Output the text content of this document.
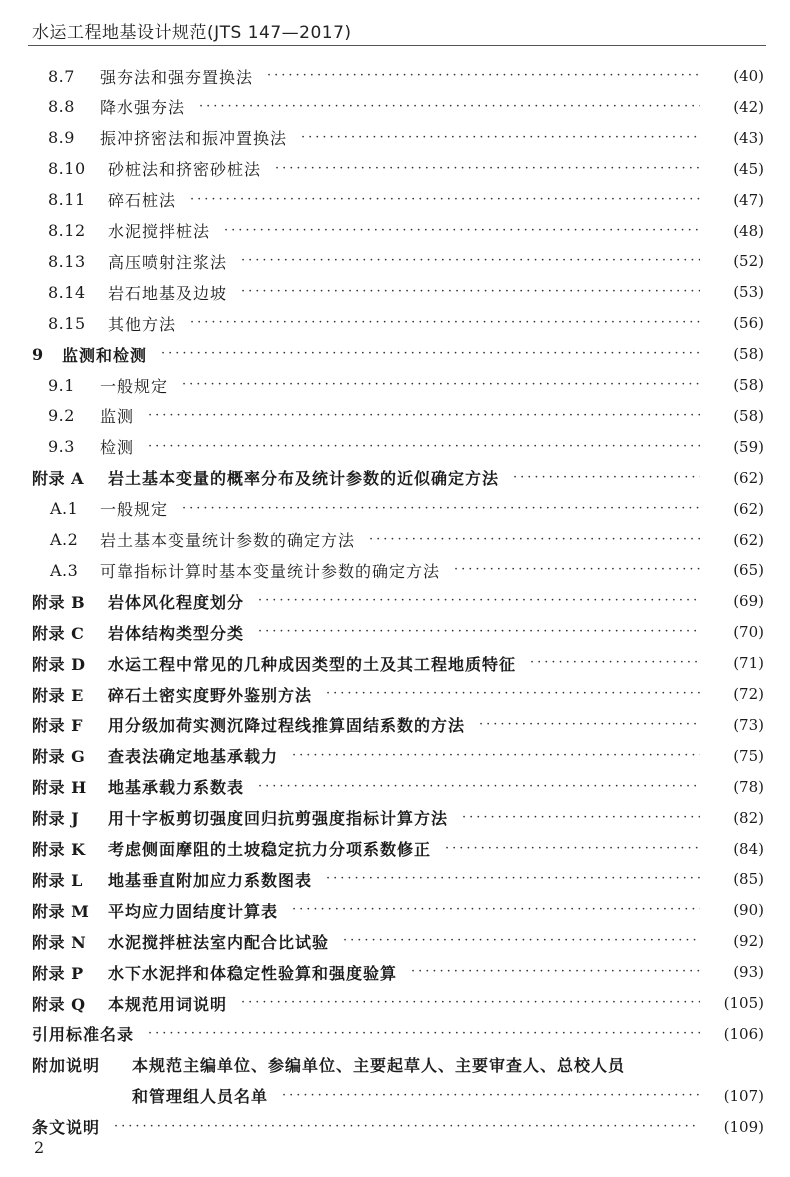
水运工程地基设计规范(JTS 147—2017)
8.7	强夯法和强夯置换法 ·····	(40)
8.8	降水强夯法 ·····	(42)
8.9	振冲挤密法和振冲置换法 ·····	(43)
8.10	砂桩法和挤密砂桩法 ·····	(45)
8.11	碎石桩法 ·····	(47)
8.12	水泥搅拌桩法 ·····	(48)
8.13	高压喷射注浆法 ·····	(52)
8.14	岩石地基及边坡 ·····	(53)
8.15	其他方法 ·····	(56)
9	监测和检测 ·····	(58)
9.1	一般规定 ·····	(58)
9.2	监测 ·····	(58)
9.3	检测 ·····	(59)
附录 A	岩土基本变量的概率分布及统计参数的近似确定方法 ·····	(62)
A.1	一般规定 ·····	(62)
A.2	岩土基本变量统计参数的确定方法 ·····	(62)
A.3	可靠指标计算时基本变量统计参数的确定方法 ·····	(65)
附录 B	岩体风化程度划分 ·····	(69)
附录 C	岩体结构类型分类 ·····	(70)
附录 D	水运工程中常见的几种成因类型的土及其工程地质特征 ·····	(71)
附录 E	碎石土密实度野外鉴别方法 ·····	(72)
附录 F	用分级加荷实测沉降过程线推算固结系数的方法 ·····	(73)
附录 G	查表法确定地基承载力 ·····	(75)
附录 H	地基承载力系数表 ·····	(78)
附录 J	用十字板剪切强度回归抗剪强度指标计算方法 ·····	(82)
附录 K	考虑侧面摩阻的土坡稳定抗力分项系数修正 ·····	(84)
附录 L	地基垂直附加应力系数图表 ·····	(85)
附录 M	平均应力固结度计算表 ·····	(90)
附录 N	水泥搅拌桩法室内配合比试验 ·····	(92)
附录 P	水下水泥拌和体稳定性验算和强度验算 ·····	(93)
附录 Q	本规范用词说明 ·····	(105)
引用标准名录 ·····	(106)
附加说明	本规范主编单位、参编单位、主要起草人、主要审查人、总校人员
和管理组人员名单 ·····	(107)
条文说明 ·····	(109)
2
